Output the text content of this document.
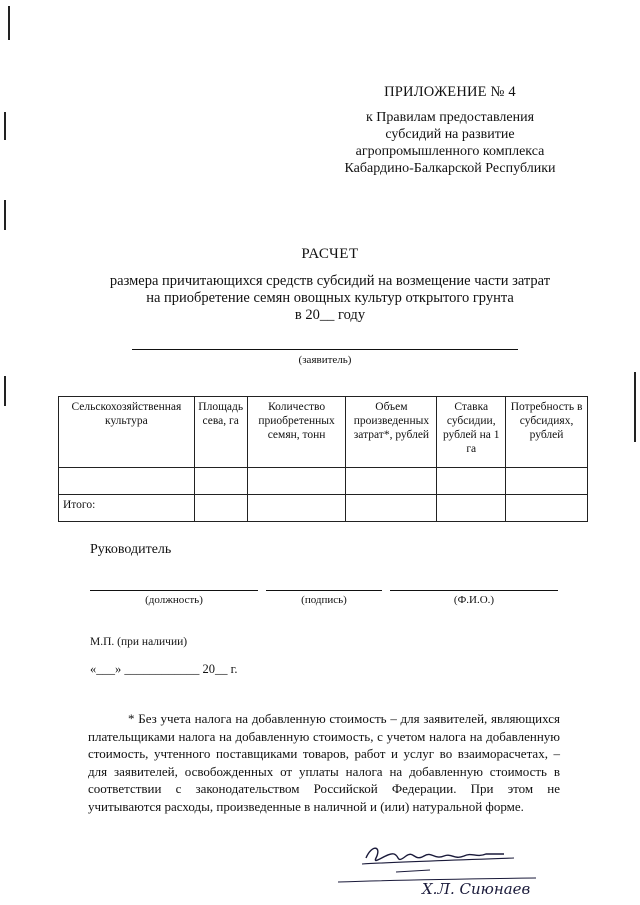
ПРИЛОЖЕНИЕ № 4
к Правилам предоставления
субсидий на развитие
агропромышленного комплекса
Кабардино-Балкарской Республики
РАСЧЕТ
размера причитающихся средств субсидий на возмещение части затрат
на приобретение семян овощных культур открытого грунта
в 20__ году
(заявитель)
Сельскохозяйственная культура	Площадь сева, га	Количество приобретенных семян, тонн	Объем произведенных затрат*, рублей	Ставка субсидии, рублей на 1 га	Потребность в субсидиях, рублей

Итого:					
Руководитель
(должность)	(подпись)	(Ф.И.О.)
М.П. (при наличии)
«___» ____________ 20__ г.
* Без учета налога на добавленную стоимость – для заявителей, являющихся плательщиками налога на добавленную стоимость, с учетом налога на добавленную стоимость, учтенного поставщиками товаров, работ и услуг во взаиморасчетах, – для заявителей, освобожденных от уплаты налога на добавленную стоимость в соответствии с законодательством Российской Федерации. При этом не учитываются расходы, произведенные в наличной и (или) натуральной форме.
Х.Л. Сиюнаев
